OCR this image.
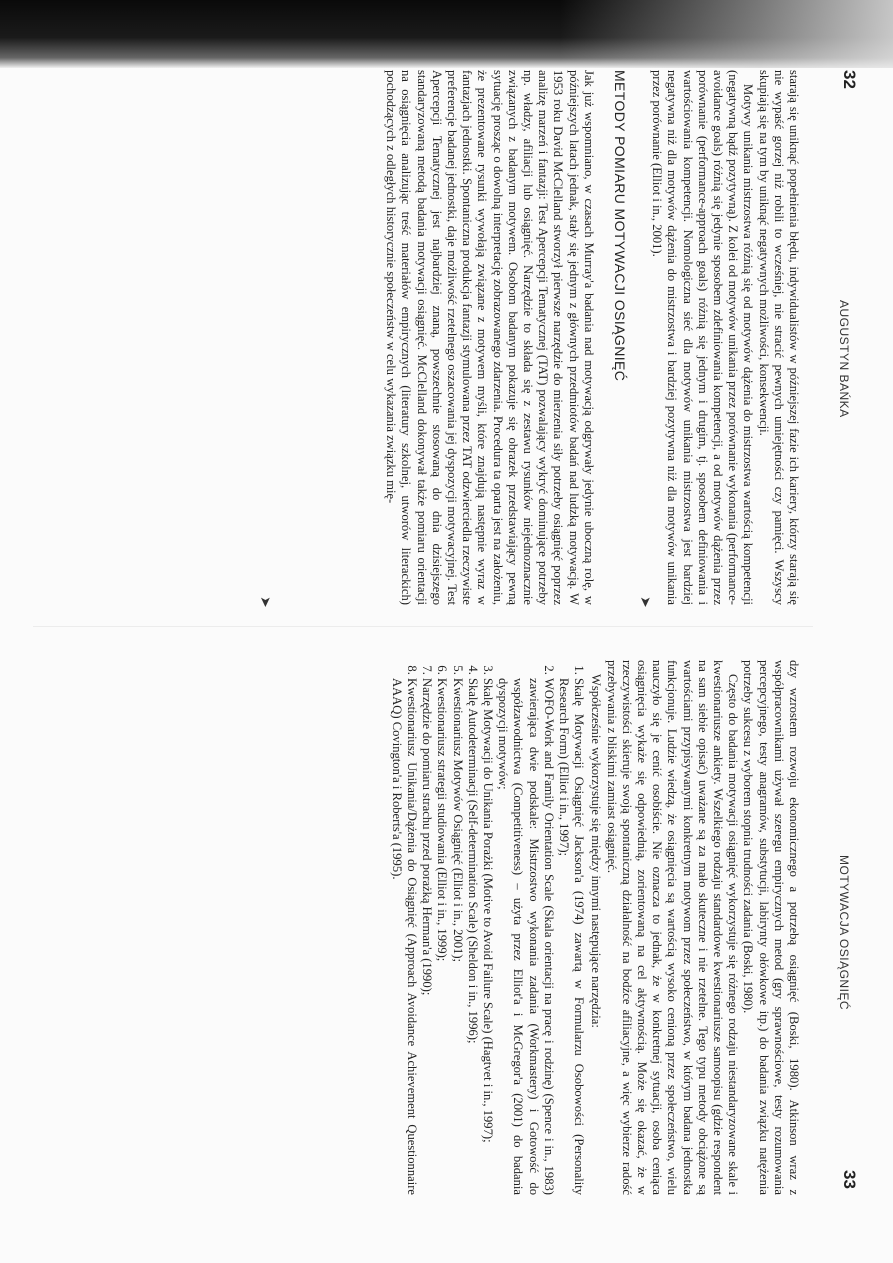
32
AUGUSTYN BAŃKA

starają się uniknąć popełnienia błędu, indywidualistów w późniejszej fazie ich kariery, którzy starają się nie wypaść gorzej niż robili to wcześniej, nie stracić pewnych umiejętności czy pamięci. Wszyscy skupiają się na tym by uniknąć negatywnych możliwości, konsekwencji.

Motywy unikania mistrzostwa różnią się od motywów dążenia do mistrzostwa wartością kompetencji (negatywną bądź pozytywną). Z kolei od motywów unikania przez porównanie wykonania (performance-avoidance goals) różnią się jedynie sposobem zdefiniowania kompetencji, a od motywów dążenia przez porównanie (performance-approach goals) różnią się jednym i drugim, tj. sposobem definiowania i wartościowania kompetencji. Nomologiczna sieć dla motywów unikania mistrzostwa jest bardziej negatywna niż dla motywów dążenia do mistrzostwa i bardziej pozytywna niż dla motywów unikania przez porównanie (Elliot i in., 2001).

METODY POMIARU MOTYWACJI OSIĄGNIĘĆ

Jak już wspomniano, w czasach Murray'a badania nad motywacją odgrywały jedynie uboczną rolę, w późniejszych latach jednak, stały się jednym z głównych przedmiotów badań nad ludzką motywacją. W 1953 roku David McClelland stworzył pierwsze narzędzie do mierzenia siły potrzeby osiągnięć poprzez analizę marzeń i fantazji: Test Apercepcji Tematycznej (TAT) pozwalający wykryć dominujące potrzeby np. władzy, afiliacji lub osiągnięć. Narzędzie to składa się z zestawu rysunków niejednoznacznie związanych z badanym motywem. Osobom badanym pokazuje się obrazek przedstawiający pewną sytuację prosząc o dowolną interpretację zobrazowanego zdarzenia. Procedura ta oparta jest na założeniu, że prezentowane rysunki wywołają związane z motywem myśli, które znajdują następnie wyraz w fantazjach jednostki. Spontaniczna produkcja fantazji stymulowana przez TAT odzwierciedla rzeczywiste preferencje badanej jednostki, daje możliwość rzetelnego oszacowania jej dyspozycji motywacyjnej. Test Apercepcji Tematycznej jest najbardziej znaną, powszechnie stosowaną do dnia dzisiejszego standaryzowaną metodą badania motywacji osiągnięć. McClelland dokonywał także pomiaru orientacji na osiągnięcia analizując treść materiałów empirycznych (literatury szkolnej, utworów literackich) pochodzących z odległych historycznie społeczeństw w celu wykazania związku mię-

➤
➤
MOTYWACJA OSIĄGNIĘĆ
33

dzy wzrostem rozwoju ekonomicznego a potrzebą osiągnięć (Boski, 1980). Atkinson wraz z współpracownikami używał szeregu empirycznych metod (gry sprawnościowe, testy rozumowania percepcyjnego, testy anagramów, substytucji, labirynty ołówkowe itp.) do badania związku natężenia potrzeby sukcesu z wyborem stopnia trudności zadania (Boski, 1980).

Często do badania motywacji osiągnięć wykorzystuje się różnego rodzaju niestandaryzowane skale i kwestionariusze ankiety. Wszelkiego rodzaju standardowe kwestionariusze samoopisu (gdzie respondent na sam siebie opisać) uważane są za mało skuteczne i nie rzetelne. Tego typu metody obciążone są wartościami przypisywanymi konkretnym motywom przez społeczeństwo, w którym badana jednostka funkcjonuje. Ludzie wiedzą, że osiągnięcia są wartością wysoko cenioną przez społeczeństwo, wielu nauczyło się je cenić osobiście. Nie oznacza to jednak, że w konkretnej sytuacji, osoba ceniąca osiągnięcia wykaże się odpowiednią, zorientowaną na cel aktywnością. Może się okazać, że w rzeczywistości skieruje swoją spontaniczną działalność na bodźce afiliacyjne, a więc wybierze radość przebywania z bliskimi zamiast osiągnięć.

Współcześnie wykorzystuje się między innymi następujące narzędzia:

1. Skalę Motywacji Osiągnięć Jackson'a (1974) zawartą w Formularzu Osobowości (Personality Research Form) (Elliot i in., 1997);
2. WOFO-Work and Family Orientation Scale (Skala orientacji na pracę i rodzinę) (Spence i in., 1983) zawierająca dwie podskale: Mistrzostwo wykonania zadania (Workmastery) i Gotowość do współzawodnictwa (Competitiveness) – użyta przez Elliot'a i McGregor'a (2001) do badania dyspozycji motywów;
3. Skalę Motywacji do Unikania Porażki (Motive to Avoid Failure Scale) (Hagtvet i in., 1997);
4. Skalę Autodeterminacji (Self-determination Scale) (Sheldon i in., 1996);
5. Kwestionariusz Motywów Osiągnięć (Elliot i in., 2001);
6. Kwestionariusz strategii studiowania (Elliot i in., 1999);
7. Narzędzie do pomiaru strachu przed porażką Herman'a (1990);
8. Kwestionariusz Unikania/Dążenia do Osiągnięć (Approach Avoidance Achievement Questionnaire AAAQ) Covington'a i Roberts'a (1995).
